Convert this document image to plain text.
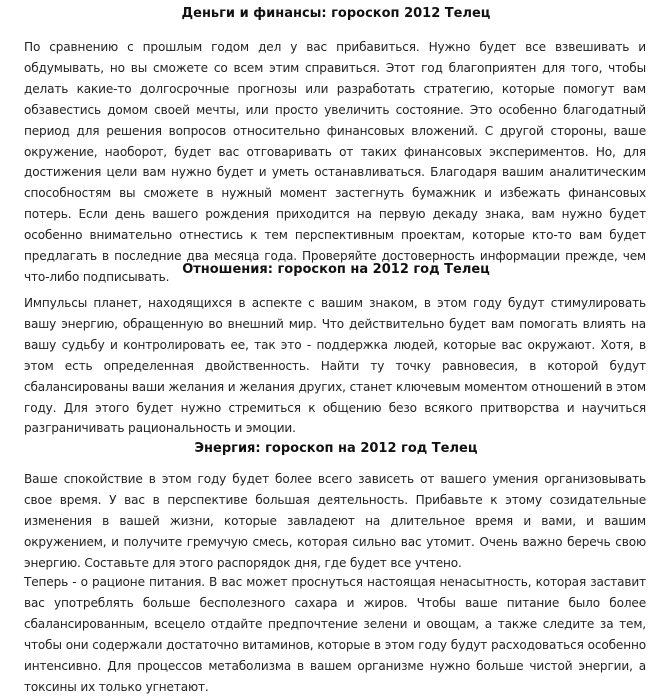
Деньги и финансы: гороскоп 2012 Телец

По сравнению с прошлым годом дел у вас прибавиться. Нужно будет все взвешивать и обдумывать, но вы сможете со всем этим справиться. Этот год благоприятен для того, чтобы делать какие-то долгосрочные прогнозы или разработать стратегию, которые помогут вам обзавестись домом своей мечты, или просто увеличить состояние. Это особенно благодатный период для решения вопросов относительно финансовых вложений. С другой стороны, ваше окружение, наоборот, будет вас отговаривать от таких финансовых экспериментов. Но, для достижения цели вам нужно будет и уметь останавливаться. Благодаря вашим аналитическим способностям вы сможете в нужный момент застегнуть бумажник и избежать финансовых потерь. Если день вашего рождения приходится на первую декаду знака, вам нужно будет особенно внимательно отнестись к тем перспективным проектам, которые кто-то вам будет предлагать в последние два месяца года. Проверяйте достоверность информации прежде, чем что-либо подписывать. Отношения: гороскоп на 2012 год Телец

Импульсы планет, находящихся в аспекте с вашим знаком, в этом году будут стимулировать вашу энергию, обращенную во внешний мир. Что действительно будет вам помогать влиять на вашу судьбу и контролировать ее, так это - поддержка людей, которые вас окружают. Хотя, в этом есть определенная двойственность. Найти ту точку равновесия, в которой будут сбалансированы ваши желания и желания других, станет ключевым моментом отношений в этом году. Для этого будет нужно стремиться к общению безо всякого притворства и научиться разграничивать рациональность и эмоции.

Энергия: гороскоп на 2012 год Телец

Ваше спокойствие в этом году будет более всего зависеть от вашего умения организовывать свое время. У вас в перспективе большая деятельность. Прибавьте к этому созидательные изменения в вашей жизни, которые завладеют на длительное время и вами, и вашим окружением, и получите гремучую смесь, которая сильно вас утомит. Очень важно беречь свою энергию. Составьте для этого распорядок дня, где будет все учтено.

Теперь - о рационе питания. В вас может проснуться настоящая ненасытность, которая заставит вас употреблять больше бесполезного сахара и жиров. Чтобы ваше питание было более сбалансированным, всецело отдайте предпочтение зелени и овощам, а также следите за тем, чтобы они содержали достаточно витаминов, которые в этом году будут расходоваться особенно интенсивно. Для процессов метаболизма в вашем организме нужно больше чистой энергии, а токсины их только угнетают.
